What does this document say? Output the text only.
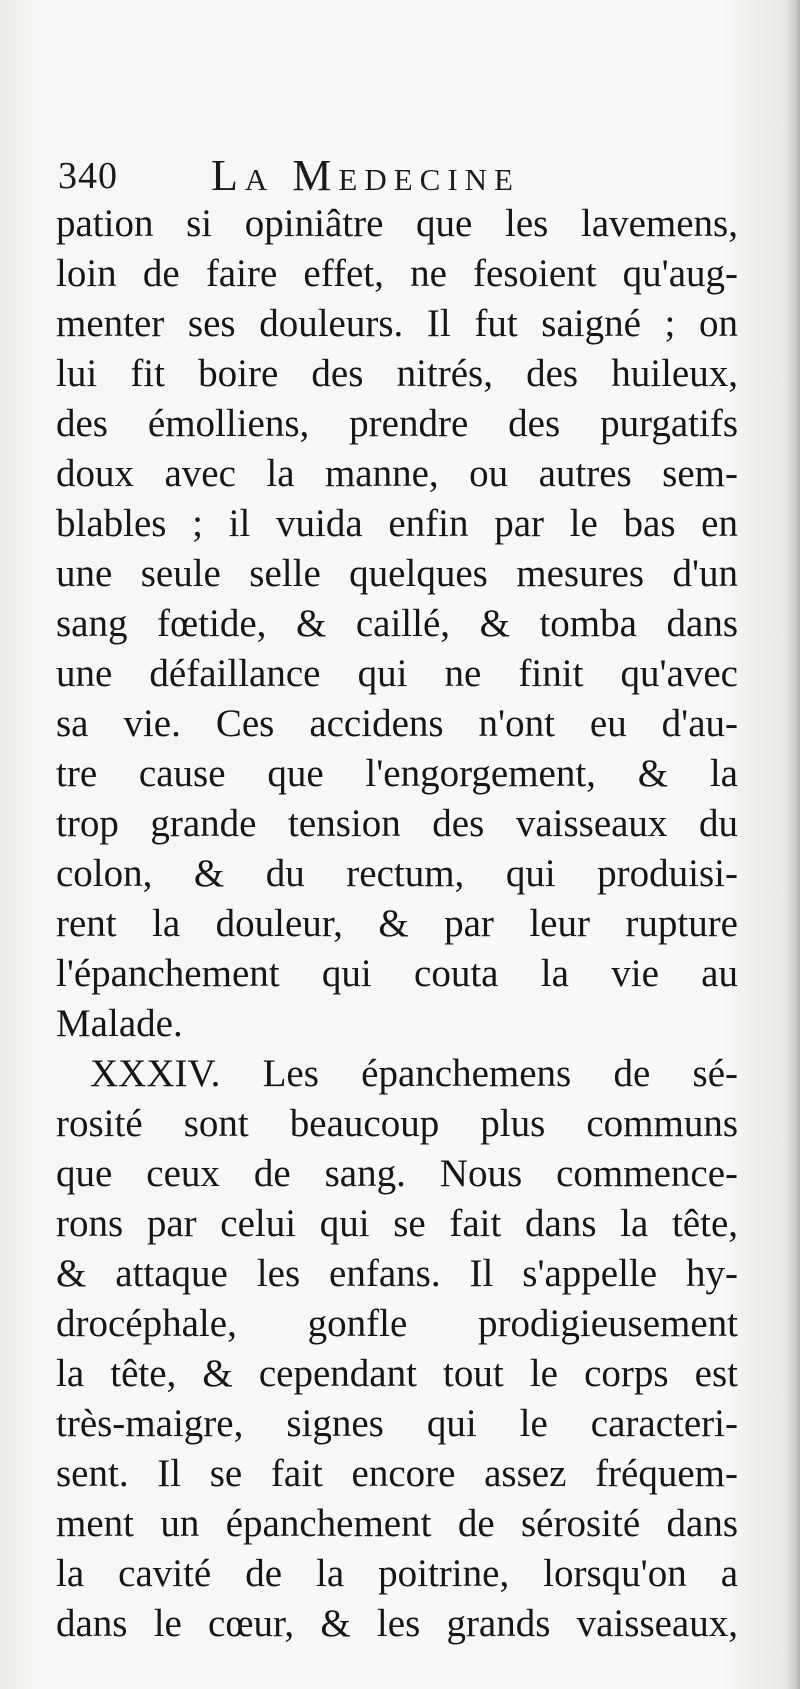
340 La Medecine
pation si opiniâtre que les lavemens,
loin de faire effet, ne fesoient qu'aug-
menter ses douleurs. Il fut saigné ; on
lui fit boire des nitrés, des huileux,
des émolliens, prendre des purgatifs
doux avec la manne, ou autres sem-
blables ; il vuida enfin par le bas en
une seule selle quelques mesures d'un
sang fœtide, & caillé, & tomba dans
une défaillance qui ne finit qu'avec
sa vie. Ces accidens n'ont eu d'au-
tre cause que l'engorgement, & la
trop grande tension des vaisseaux du
colon, & du rectum, qui produisi-
rent la douleur, & par leur rupture
l'épanchement qui couta la vie au
Malade.
XXXIV. Les épanchemens de sé-
rosité sont beaucoup plus communs
que ceux de sang. Nous commence-
rons par celui qui se fait dans la tête,
& attaque les enfans. Il s'appelle hy-
drocéphale, gonfle prodigieusement
la tête, & cependant tout le corps est
très-maigre, signes qui le caracteri-
sent. Il se fait encore assez fréquem-
ment un épanchement de sérosité dans
la cavité de la poitrine, lorsqu'on a
dans le cœur, & les grands vaisseaux,
